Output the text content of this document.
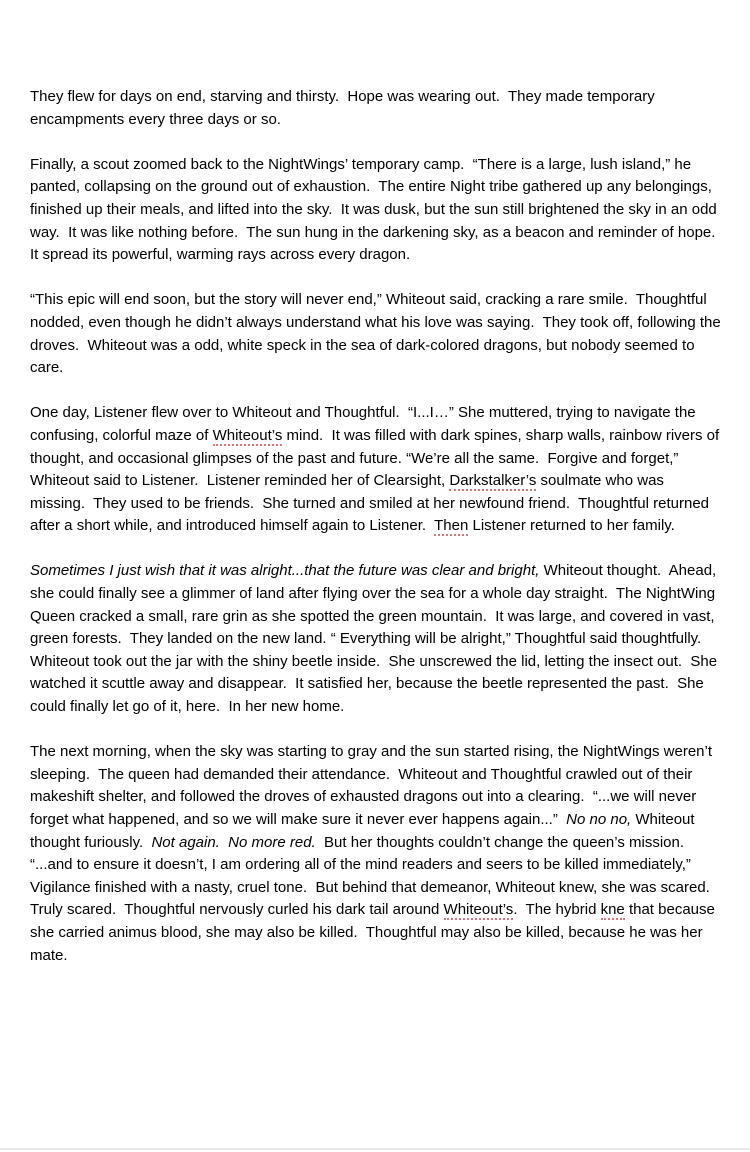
They flew for days on end, starving and thirsty.  Hope was wearing out.  They made temporary encampments every three days or so.

Finally, a scout zoomed back to the NightWings’ temporary camp.  “There is a large, lush island,” he panted, collapsing on the ground out of exhaustion.  The entire Night tribe gathered up any belongings, finished up their meals, and lifted into the sky.  It was dusk, but the sun still brightened the sky in an odd way.  It was like nothing before.  The sun hung in the darkening sky, as a beacon and reminder of hope.  It spread its powerful, warming rays across every dragon.

“This epic will end soon, but the story will never end,” Whiteout said, cracking a rare smile.  Thoughtful nodded, even though he didn’t always understand what his love was saying.  They took off, following the droves.  Whiteout was a odd, white speck in the sea of dark-colored dragons, but nobody seemed to care.

One day, Listener flew over to Whiteout and Thoughtful.  “I...I…” She muttered, trying to navigate the confusing, colorful maze of Whiteout’s mind.  It was filled with dark spines, sharp walls, rainbow rivers of thought, and occasional glimpses of the past and future. “We’re all the same.  Forgive and forget,” Whiteout said to Listener.  Listener reminded her of Clearsight, Darkstalker’s soulmate who was missing.  They used to be friends.  She turned and smiled at her newfound friend.  Thoughtful returned after a short while, and introduced himself again to Listener.  Then Listener returned to her family.

Sometimes I just wish that it was alright...that the future was clear and bright, Whiteout thought.  Ahead, she could finally see a glimmer of land after flying over the sea for a whole day straight.  The NightWing Queen cracked a small, rare grin as she spotted the green mountain.  It was large, and covered in vast, green forests.  They landed on the new land. “ Everything will be alright,” Thoughtful said thoughtfully.  Whiteout took out the jar with the shiny beetle inside.  She unscrewed the lid, letting the insect out.  She watched it scuttle away and disappear.  It satisfied her, because the beetle represented the past.  She could finally let go of it, here.  In her new home.

The next morning, when the sky was starting to gray and the sun started rising, the NightWings weren’t sleeping.  The queen had demanded their attendance.  Whiteout and Thoughtful crawled out of their makeshift shelter, and followed the droves of exhausted dragons out into a clearing.  “...we will never forget what happened, and so we will make sure it never ever happens again...”  No no no, Whiteout thought furiously.  Not again.  No more red.  But her thoughts couldn’t change the queen’s mission.  “...and to ensure it doesn’t, I am ordering all of the mind readers and seers to be killed immediately,” Vigilance finished with a nasty, cruel tone.  But behind that demeanor, Whiteout knew, she was scared.  Truly scared.  Thoughtful nervously curled his dark tail around Whiteout’s.  The hybrid kne that because she carried animus blood, she may also be killed.  Thoughtful may also be killed, because he was her mate.
